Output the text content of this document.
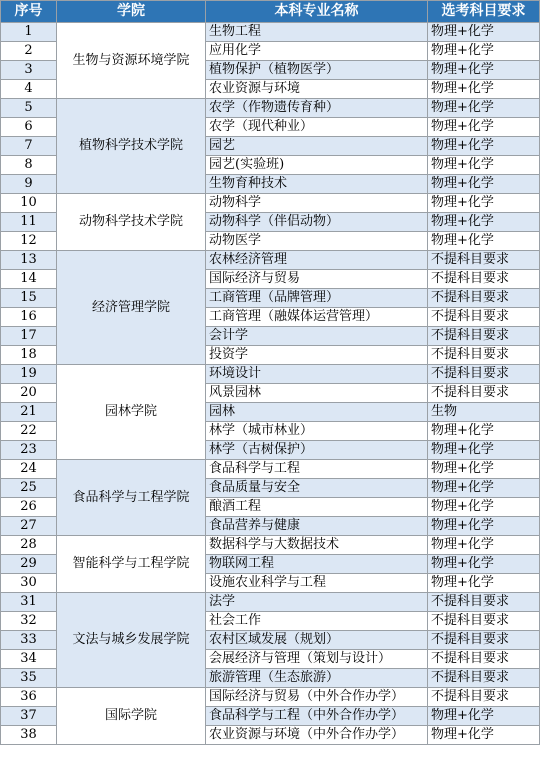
序号	学院	本科专业名称	选考科目要求
1	生物与资源环境学院	生物工程	物理+化学
2		应用化学	物理+化学
3		植物保护（植物医学）	物理+化学
4		农业资源与环境	物理+化学
5	植物科学技术学院	农学（作物遗传育种）	物理+化学
6		农学（现代种业）	物理+化学
7		园艺	物理+化学
8		园艺(实验班)	物理+化学
9		生物育种技术	物理+化学
10	动物科学技术学院	动物科学	物理+化学
11		动物科学（伴侣动物）	物理+化学
12		动物医学	物理+化学
13	经济管理学院	农林经济管理	不提科目要求
14		国际经济与贸易	不提科目要求
15		工商管理（品牌管理）	不提科目要求
16		工商管理（融媒体运营管理）	不提科目要求
17		会计学	不提科目要求
18		投资学	不提科目要求
19	园林学院	环境设计	不提科目要求
20		风景园林	不提科目要求
21		园林	生物
22		林学（城市林业）	物理+化学
23		林学（古树保护）	物理+化学
24	食品科学与工程学院	食品科学与工程	物理+化学
25		食品质量与安全	物理+化学
26		酿酒工程	物理+化学
27		食品营养与健康	物理+化学
28	智能科学与工程学院	数据科学与大数据技术	物理+化学
29		物联网工程	物理+化学
30		设施农业科学与工程	物理+化学
31	文法与城乡发展学院	法学	不提科目要求
32		社会工作	不提科目要求
33		农村区域发展（规划）	不提科目要求
34		会展经济与管理（策划与设计）	不提科目要求
35		旅游管理（生态旅游）	不提科目要求
36	国际学院	国际经济与贸易（中外合作办学）	不提科目要求
37		食品科学与工程（中外合作办学）	物理+化学
38		农业资源与环境（中外合作办学）	物理+化学
